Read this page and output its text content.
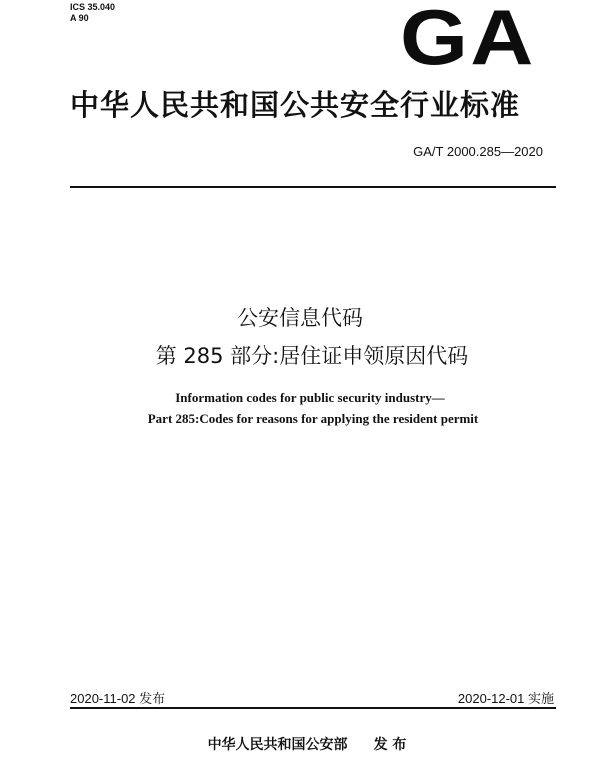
ICS 35.040
A 90	GA
中华人民共和国公共安全行业标准
GA/T 2000.285—2020
公安信息代码
第 285 部分:居住证申领原因代码
Information codes for public security industry—
Part 285:Codes for reasons for applying the resident permit
2020-11-02 发布	2020-12-01 实施
中华人民共和国公安部 发 布
